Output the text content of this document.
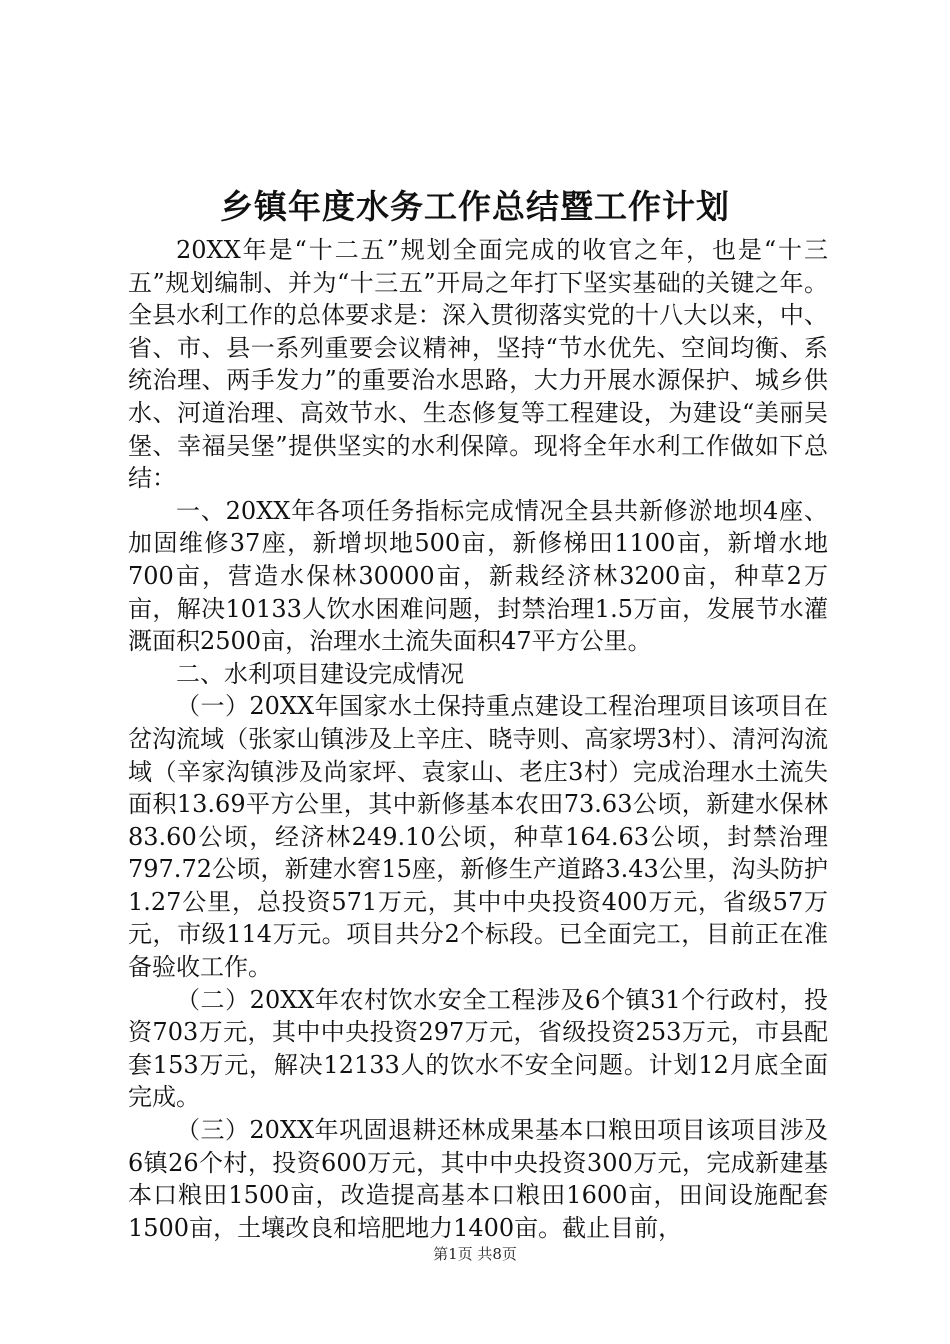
乡镇年度水务工作总结暨工作计划

20XX年是“十二五”规划全面完成的收官之年，也是“十三五”规划编制、并为“十三五”开局之年打下坚实基础的关键之年。全县水利工作的总体要求是：深入贯彻落实党的十八大以来，中、省、市、县一系列重要会议精神，坚持“节水优先、空间均衡、系统治理、两手发力”的重要治水思路，大力开展水源保护、城乡供水、河道治理、高效节水、生态修复等工程建设，为建设“美丽吴堡、幸福吴堡”提供坚实的水利保障。现将全年水利工作做如下总结：

一、20XX年各项任务指标完成情况全县共新修淤地坝4座、加固维修37座，新增坝地500亩，新修梯田1100亩，新增水地700亩，营造水保林30000亩，新栽经济林3200亩，种草2万亩，解决10133人饮水困难问题，封禁治理1.5万亩，发展节水灌溉面积2500亩，治理水土流失面积47平方公里。

二、水利项目建设完成情况

（一）20XX年国家水土保持重点建设工程治理项目该项目在岔沟流域（张家山镇涉及上辛庄、晓寺则、高家塄3村）、清河沟流域（辛家沟镇涉及尚家坪、袁家山、老庄3村）完成治理水土流失面积13.69平方公里，其中新修基本农田73.63公顷，新建水保林83.60公顷，经济林249.10公顷，种草164.63公顷，封禁治理797.72公顷，新建水窖15座，新修生产道路3.43公里，沟头防护1.27公里，总投资571万元，其中中央投资400万元，省级57万元，市级114万元。项目共分2个标段。已全面完工，目前正在准备验收工作。

（二）20XX年农村饮水安全工程涉及6个镇31个行政村，投资703万元，其中中央投资297万元，省级投资253万元，市县配套153万元，解决12133人的饮水不安全问题。计划12月底全面完成。

（三）20XX年巩固退耕还林成果基本口粮田项目该项目涉及6镇26个村，投资600万元，其中中央投资300万元，完成新建基本口粮田1500亩，改造提高基本口粮田1600亩，田间设施配套1500亩，土壤改良和培肥地力1400亩。截止目前，

第1页 共8页
